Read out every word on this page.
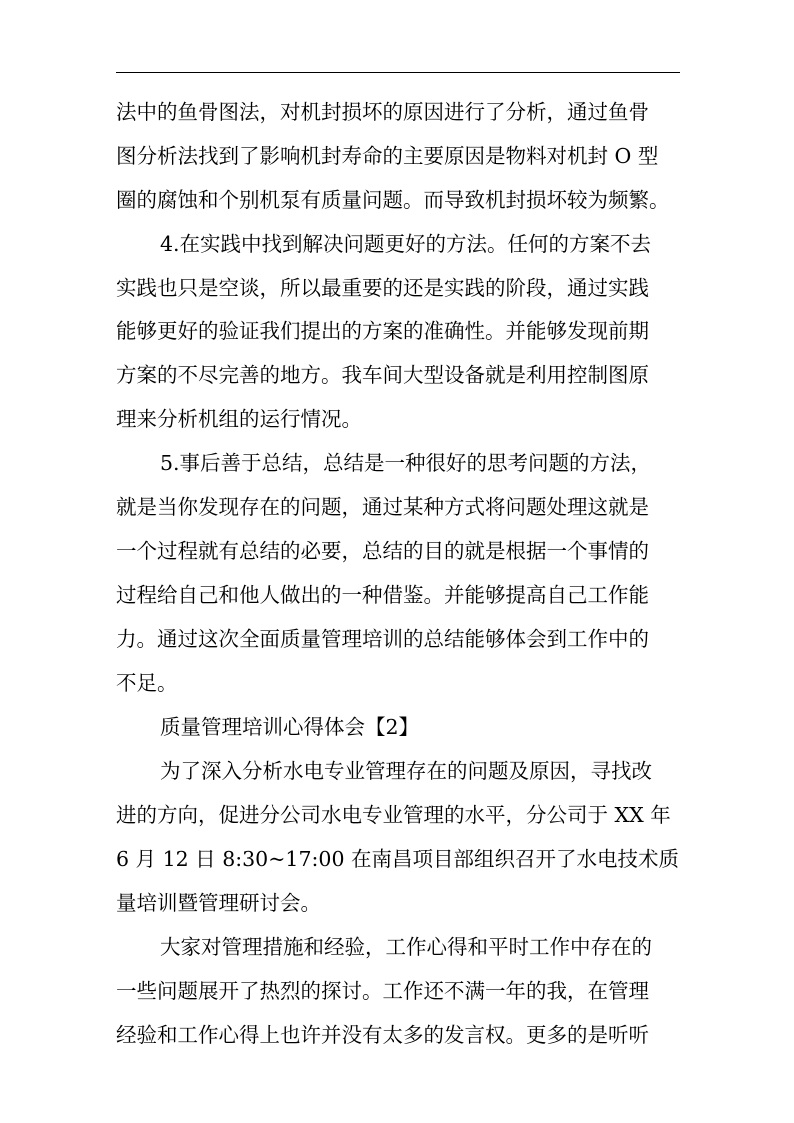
法中的鱼骨图法，对机封损坏的原因进行了分析，通过鱼骨
图分析法找到了影响机封寿命的主要原因是物料对机封 O 型
圈的腐蚀和个别机泵有质量问题。而导致机封损坏较为频繁。
4.在实践中找到解决问题更好的方法。任何的方案不去
实践也只是空谈，所以最重要的还是实践的阶段，通过实践
能够更好的验证我们提出的方案的准确性。并能够发现前期
方案的不尽完善的地方。我车间大型设备就是利用控制图原
理来分析机组的运行情况。
5.事后善于总结，总结是一种很好的思考问题的方法，
就是当你发现存在的问题，通过某种方式将问题处理这就是
一个过程就有总结的必要，总结的目的就是根据一个事情的
过程给自己和他人做出的一种借鉴。并能够提高自己工作能
力。通过这次全面质量管理培训的总结能够体会到工作中的
不足。
质量管理培训心得体会【2】
为了深入分析水电专业管理存在的问题及原因，寻找改
进的方向，促进分公司水电专业管理的水平，分公司于 XX 年
6 月 12 日 8:30~17:00 在南昌项目部组织召开了水电技术质
量培训暨管理研讨会。
大家对管理措施和经验，工作心得和平时工作中存在的
一些问题展开了热烈的探讨。工作还不满一年的我，在管理
经验和工作心得上也许并没有太多的发言权。更多的是听听
